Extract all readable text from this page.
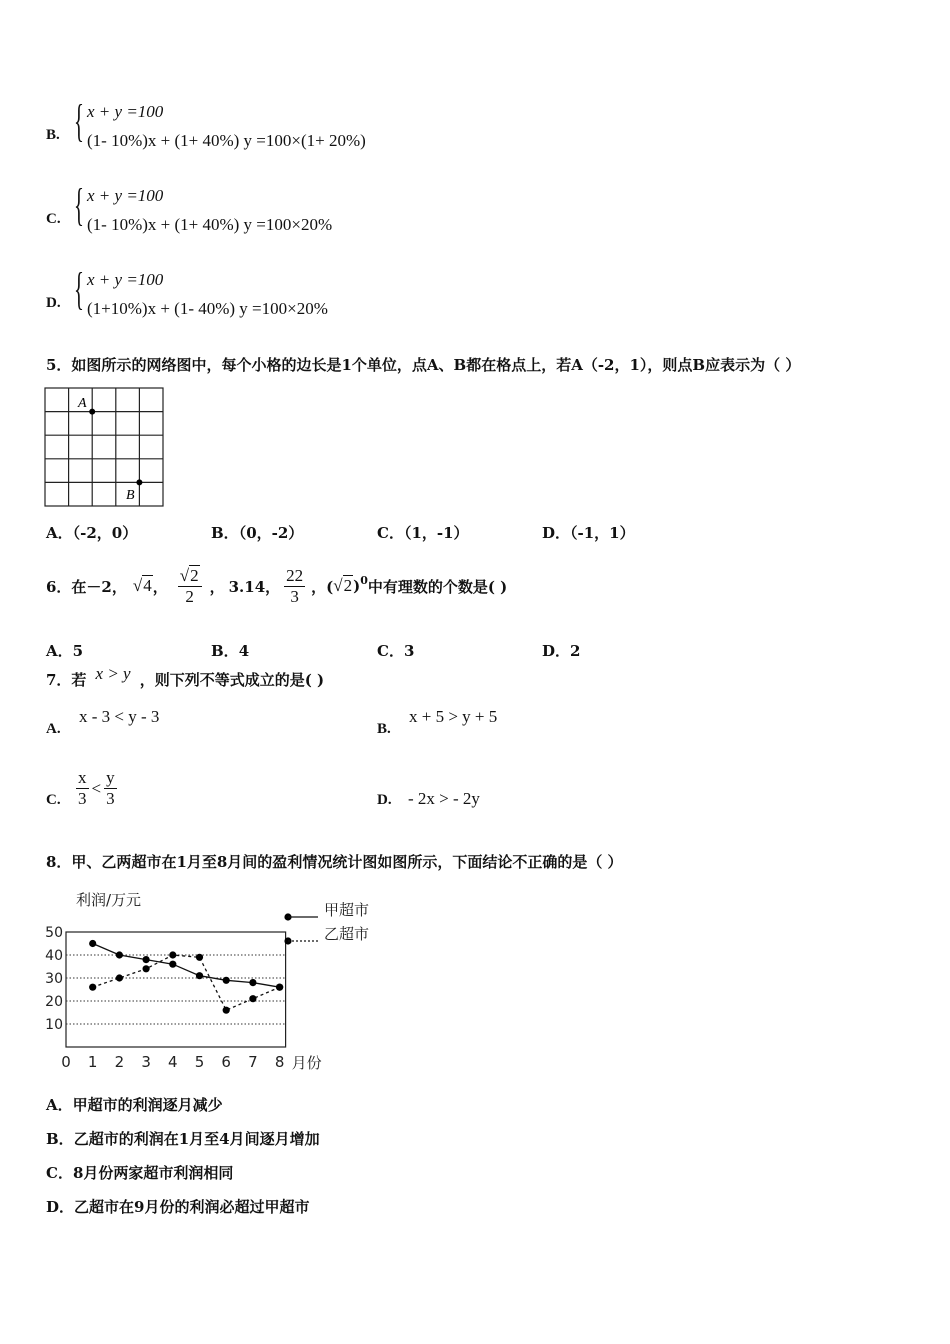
B. { x + y =100
(1- 10%)x + (1+ 40%) y =100×(1+ 20%)
C. { x + y =100
(1- 10%)x + (1+ 40%) y =100×20%
D. { x + y =100
(1+10%)x + (1- 40%) y =100×20%
5．如图所示的网络图中，每个小格的边长是1个单位，点A、B都在格点上，若A（-2，1），则点B应表示为（ ）
A
B
A．（-2，0）	B．（0，-2）	C．（1，-1）	D．（-1，1）
6．在－2， √4 ， $\frac{√2}{2}$ ， 3.14， $\frac{22}{3}$ ，( √2 )$^0$ 中有理数的个数是( )
A．5	B．4	C．3	D．2
7．若 x > y ，则下列不等式成立的是( )
A.
x - 3 < y - 3
B.
x + 5 > y + 5
C. $\frac{x}{3} < \frac{y}{3}$	D. - 2x > - 2y
8．甲、乙两超市在1月至8月间的盈利情况统计图如图所示，下面结论不正确的是（ ）
10
20
30
40
50
0 1 2 3 4 5 6 7 8
利润/万元
月份
甲超市
乙超市
A．甲超市的利润逐月减少
B．乙超市的利润在1月至4月间逐月增加
C．8月份两家超市利润相同
D．乙超市在9月份的利润必超过甲超市
